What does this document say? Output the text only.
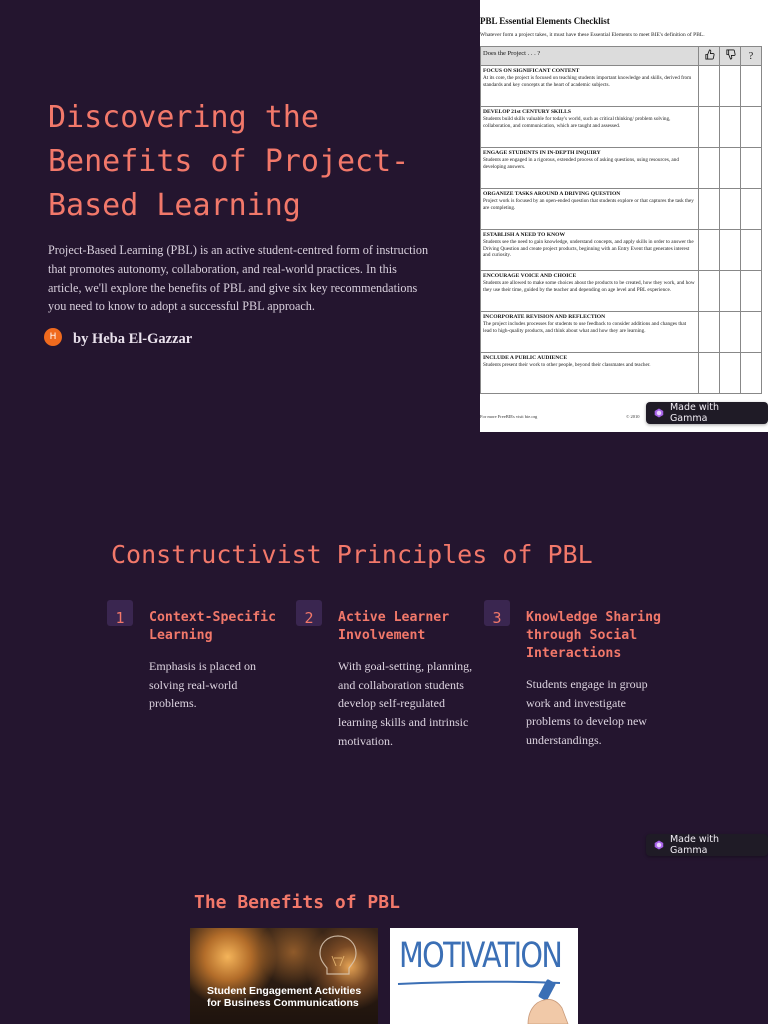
Discovering the Benefits of Project-Based Learning

Project-Based Learning (PBL) is an active student-centred form of instruction that promotes autonomy, collaboration, and real-world practices. In this article, we'll explore the benefits of PBL and give six key recommendations you need to know to adopt a successful PBL approach.

H	by Heba El-Gazzar
PBL Essential Elements Checklist
Whatever form a project takes, it must have these Essential Elements to meet BIE's definition of PBL.
Does the Project . . . ?			?

FOCUS ON SIGNIFICANT CONTENT
At its core, the project is focused on teaching students important knowledge and skills, derived from standards and key concepts at the heart of academic subjects.			

DEVELOP 21st CENTURY SKILLS
Students build skills valuable for today's world, such as critical thinking/ problem solving, collaboration, and communication, which are taught and assessed.			

ENGAGE STUDENTS IN IN-DEPTH INQUIRY
Students are engaged in a rigorous, extended process of asking questions, using resources, and developing answers.			

ORGANIZE TASKS AROUND A DRIVING QUESTION
Project work is focused by an open-ended question that students explore or that captures the task they are completing.			

ESTABLISH A NEED TO KNOW
Students see the need to gain knowledge, understand concepts, and apply skills in order to answer the Driving Question and create project products, beginning with an Entry Event that generates interest and curiosity.			

ENCOURAGE VOICE AND CHOICE
Students are allowed to make some choices about the products to be created, how they work, and how they use their time, guided by the teacher and depending on age level and PBL experience.			

INCORPORATE REVISION AND REFLECTION
The project includes processes for students to use feedback to consider additions and changes that lead to high-quality products, and think about what and how they are learning.			

INCLUDE A PUBLIC AUDIENCE
Students present their work to other people, beyond their classmates and teacher.			

For more FreeBIEs visit bie.org	© 2010
Made with Gamma
Constructivist Principles of PBL
1	Context-Specific Learning
Emphasis is placed on solving real-world problems.
2	Active Learner Involvement
With goal-setting, planning, and collaboration students develop self-regulated learning skills and intrinsic motivation.
3	Knowledge Sharing through Social Interactions
Students engage in group work and investigate problems to develop new understandings.
Made with Gamma
The Benefits of PBL
Student Engagement Activities for Business Communications
MOTIVATION
